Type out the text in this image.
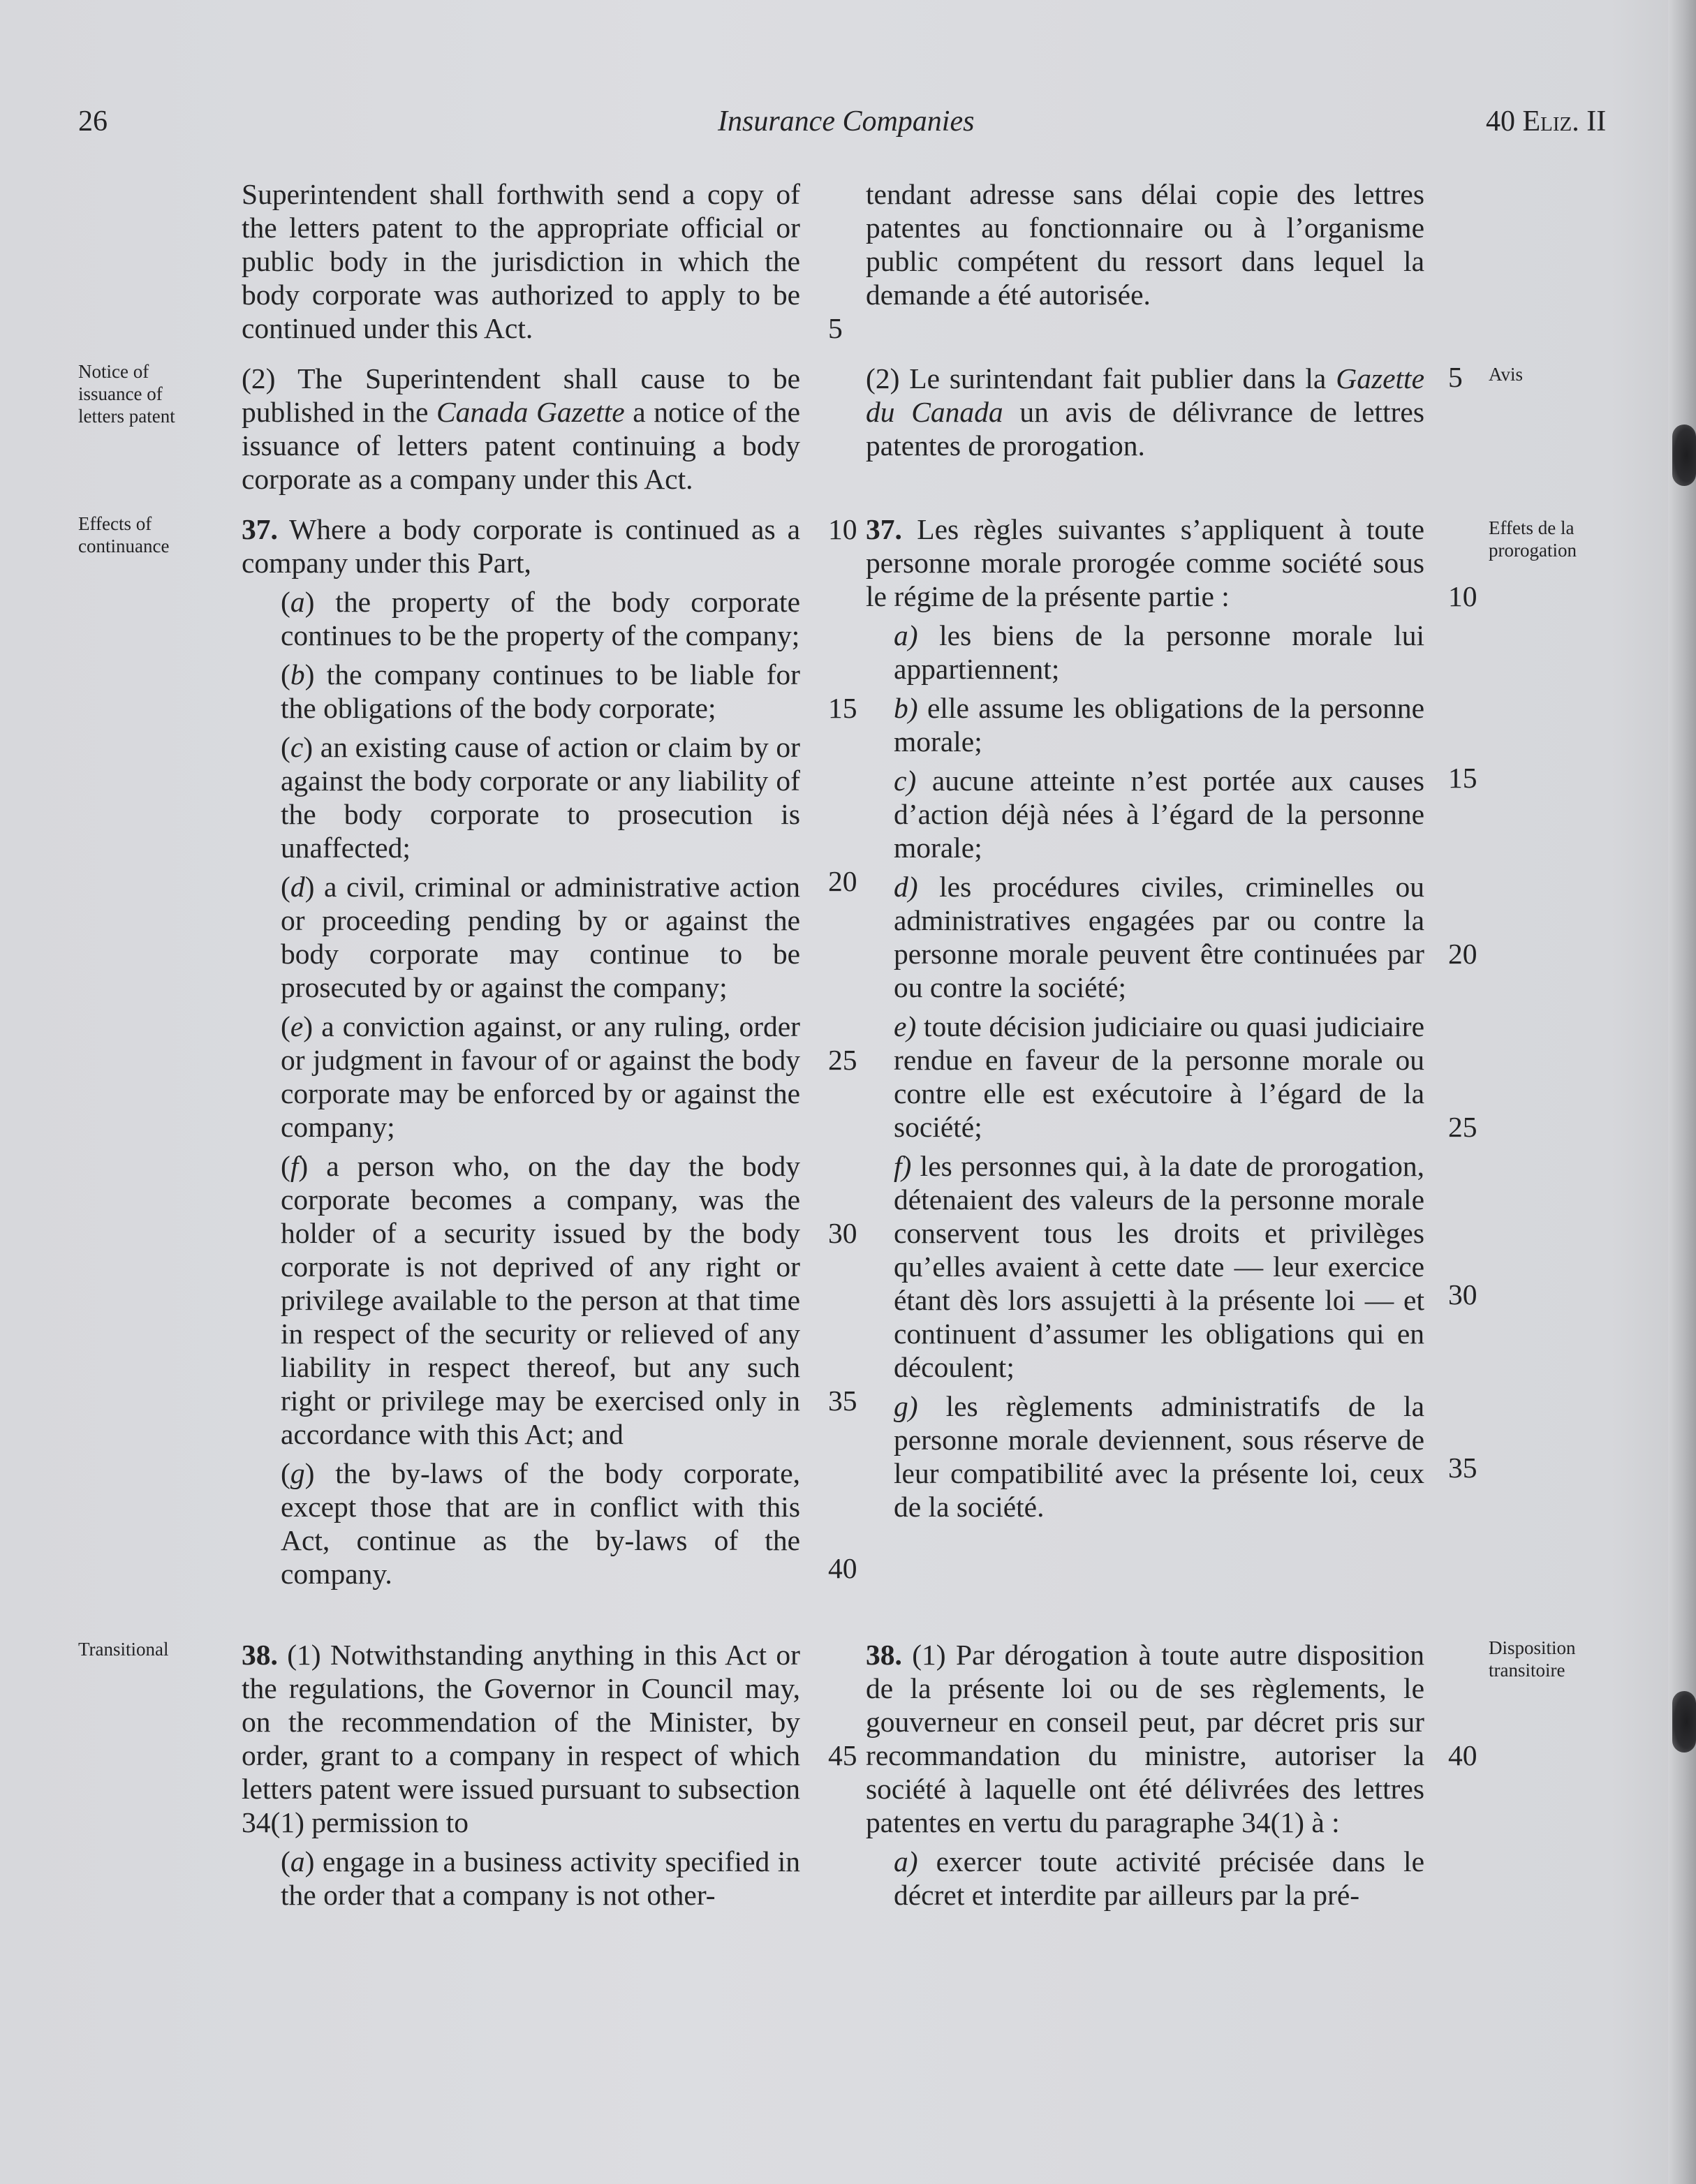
26	Insurance Companies	40 Eliz. II
Notice of issuance of letters patent
Effects of continuance
Transitional
Avis
Effets de la prorogation
Disposition transitoire

Superintendent shall forthwith send a copy of the letters patent to the appropriate official or public body in the jurisdiction in which the body corporate was authorized to apply to be continued under this Act.

(2) The Superintendent shall cause to be published in the Canada Gazette a notice of the issuance of letters patent continuing a body corporate as a company under this Act.

37. Where a body corporate is continued as a company under this Part,

(a) the property of the body corporate continues to be the property of the company;

(b) the company continues to be liable for the obligations of the body corporate;

(c) an existing cause of action or claim by or against the body corporate or any liability of the body corporate to prosecution is unaffected;

(d) a civil, criminal or administrative action or proceeding pending by or against the body corporate may continue to be prosecuted by or against the company;

(e) a conviction against, or any ruling, order or judgment in favour of or against the body corporate may be enforced by or against the company;

(f) a person who, on the day the body corporate becomes a company, was the holder of a security issued by the body corporate is not deprived of any right or privilege available to the person at that time in respect of the security or relieved of any liability in respect thereof, but any such right or privilege may be exercised only in accordance with this Act; and

(g) the by-laws of the body corporate, except those that are in conflict with this Act, continue as the by-laws of the company.

38. (1) Notwithstanding anything in this Act or the regulations, the Governor in Council may, on the recommendation of the Minister, by order, grant to a company in respect of which letters patent were issued pursuant to subsection 34(1) permission to

(a) engage in a business activity specified in the order that a company is not other-

tendant adresse sans délai copie des lettres patentes au fonctionnaire ou à l’organisme public compétent du ressort dans lequel la demande a été autorisée.

(2) Le surintendant fait publier dans la Gazette du Canada un avis de délivrance de lettres patentes de prorogation.

37. Les règles suivantes s’appliquent à toute personne morale prorogée comme société sous le régime de la présente partie :

a) les biens de la personne morale lui appartiennent;

b) elle assume les obligations de la personne morale;

c) aucune atteinte n’est portée aux causes d’action déjà nées à l’égard de la personne morale;

d) les procédures civiles, criminelles ou administratives engagées par ou contre la personne morale peuvent être continuées par ou contre la société;

e) toute décision judiciaire ou quasi judiciaire rendue en faveur de la personne morale ou contre elle est exécutoire à l’égard de la société;

f) les personnes qui, à la date de prorogation, détenaient des valeurs de la personne morale conservent tous les droits et privilèges qu’elles avaient à cette date — leur exercice étant dès lors assujetti à la présente loi — et continuent d’assumer les obligations qui en découlent;

g) les règlements administratifs de la personne morale deviennent, sous réserve de leur compatibilité avec la présente loi, ceux de la société.

38. (1) Par dérogation à toute autre disposition de la présente loi ou de ses règlements, le gouverneur en conseil peut, par décret pris sur recommandation du ministre, autoriser la société à laquelle ont été délivrées des lettres patentes en vertu du paragraphe 34(1) à :

a) exercer toute activité précisée dans le décret et interdite par ailleurs par la pré-

5
10
15
20
25
30
35
40
45
5
10
15
20
25
30
35
40
